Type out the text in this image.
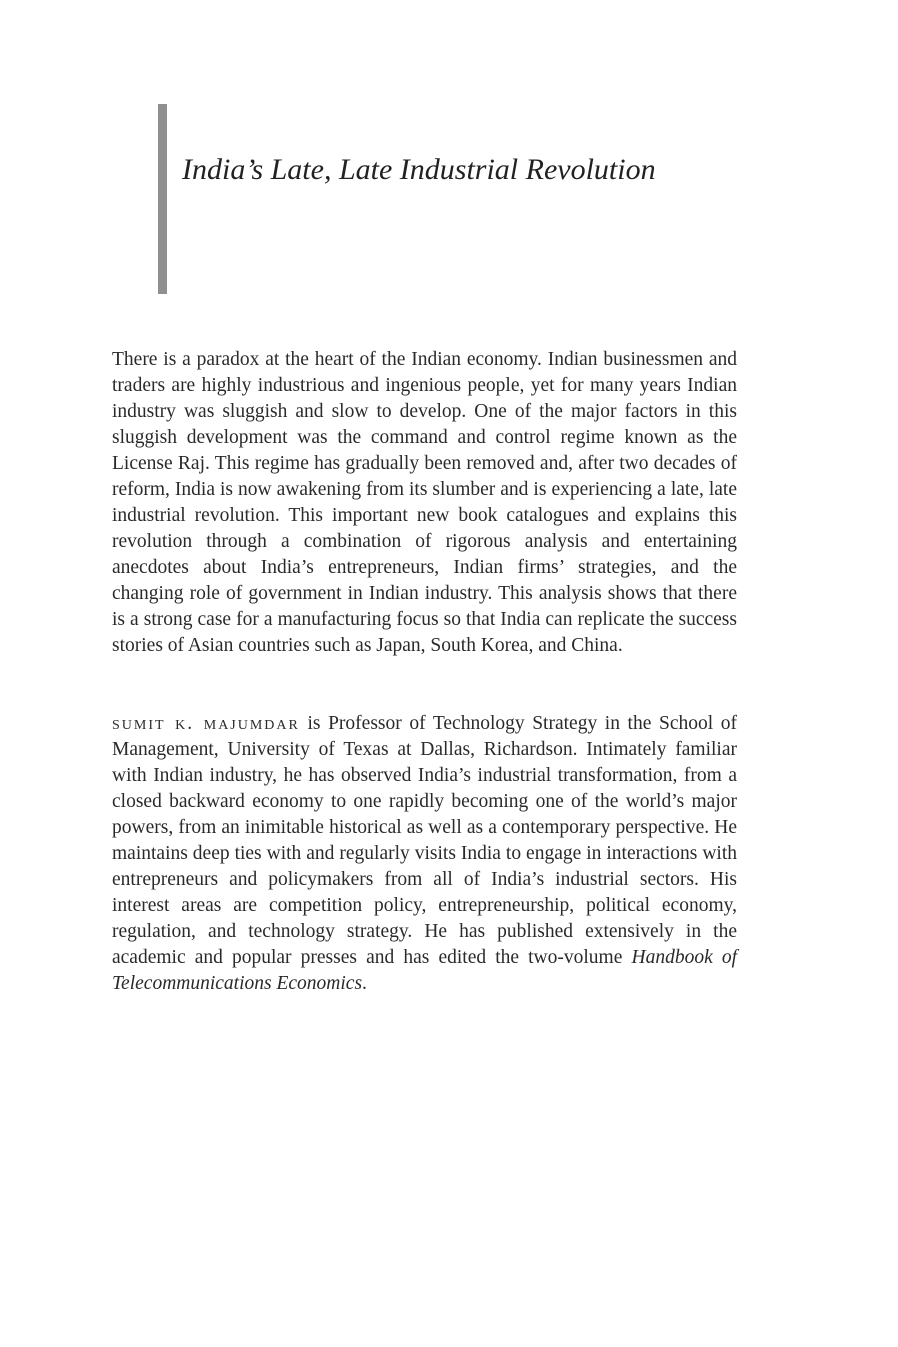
India’s Late, Late Industrial Revolution

There is a paradox at the heart of the Indian economy. Indian businessmen and traders are highly industrious and ingenious people, yet for many years Indian industry was sluggish and slow to develop. One of the major factors in this sluggish development was the command and control regime known as the License Raj. This regime has gradually been removed and, after two decades of reform, India is now awakening from its slumber and is experiencing a late, late industrial revolution. This important new book catalogues and explains this revolution through a combination of rigorous analysis and entertaining anecdotes about India’s entrepreneurs, Indian firms’ strategies, and the changing role of government in Indian industry. This analysis shows that there is a strong case for a manufacturing focus so that India can replicate the success stories of Asian countries such as Japan, South Korea, and China.

sumit k. majumdar is Professor of Technology Strategy in the School of Management, University of Texas at Dallas, Richardson. Intimately familiar with Indian industry, he has observed India’s industrial transformation, from a closed backward economy to one rapidly becoming one of the world’s major powers, from an inimitable historical as well as a contemporary perspective. He maintains deep ties with and regularly visits India to engage in interactions with entrepreneurs and policymakers from all of India’s industrial sectors. His interest areas are competition policy, entrepreneurship, political economy, regulation, and technology strategy. He has published extensively in the academic and popular presses and has edited the two-volume Handbook of Telecommunications Economics.
